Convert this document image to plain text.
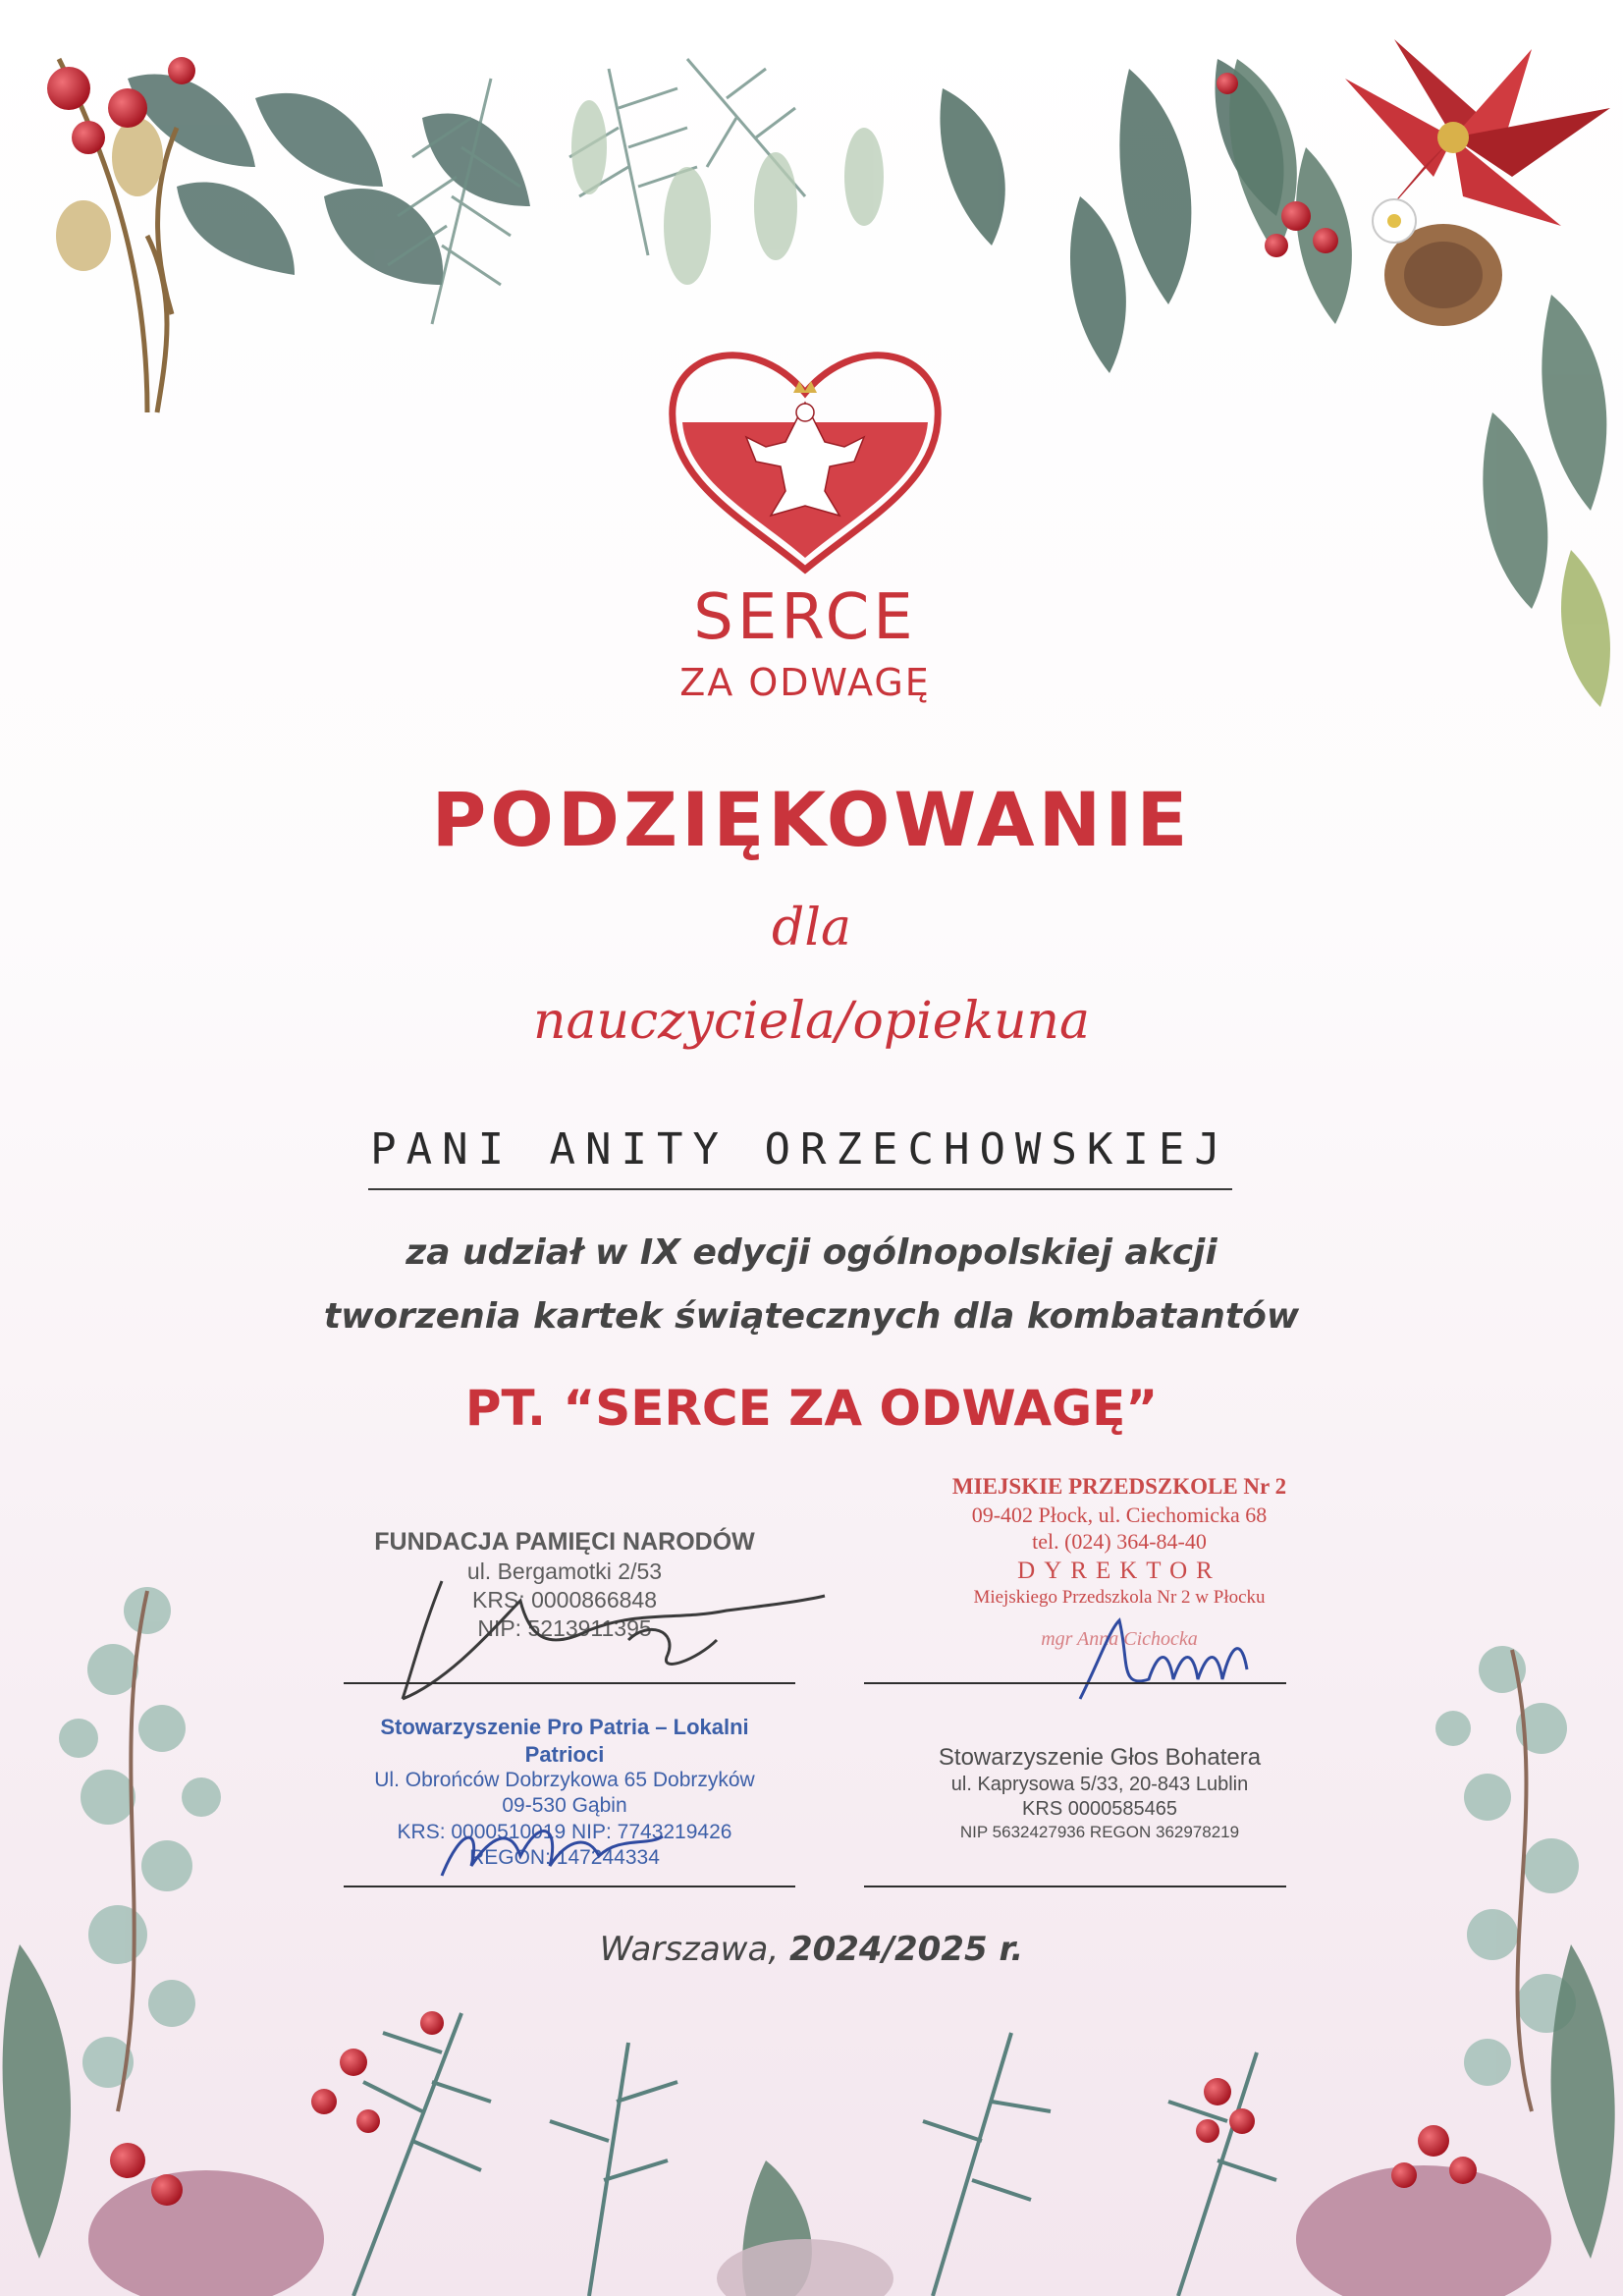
SERCE
ZA ODWAGĘ
PODZIĘKOWANIE
dla
nauczyciela/opiekuna
PANI ANITY ORZECHOWSKIEJ
za udział w IX edycji ogólnopolskiej akcji
tworzenia kartek świątecznych dla kombatantów
PT. “SERCE ZA ODWAGĘ”
FUNDACJA PAMIĘCI NARODÓW
ul. Bergamotki 2/53
KRS: 0000866848
NIP: 5213911395
MIEJSKIE PRZEDSZKOLE Nr 2
09-402 Płock, ul. Ciechomicka 68
tel. (024) 364-84-40
DYREKTOR
Miejskiego Przedszkola Nr 2 w Płocku
mgr Anna Cichocka
Stowarzyszenie Pro Patria – Lokalni Patrioci
Ul. Obrońców Dobrzykowa 65 Dobrzyków
09-530 Gąbin
KRS: 0000510019 NIP: 7743219426
REGON: 147244334
Stowarzyszenie Głos Bohatera
ul. Kaprysowa 5/33, 20-843 Lublin
KRS 0000585465
NIP 5632427936 REGON 362978219
Warszawa, 2024/2025 r.
